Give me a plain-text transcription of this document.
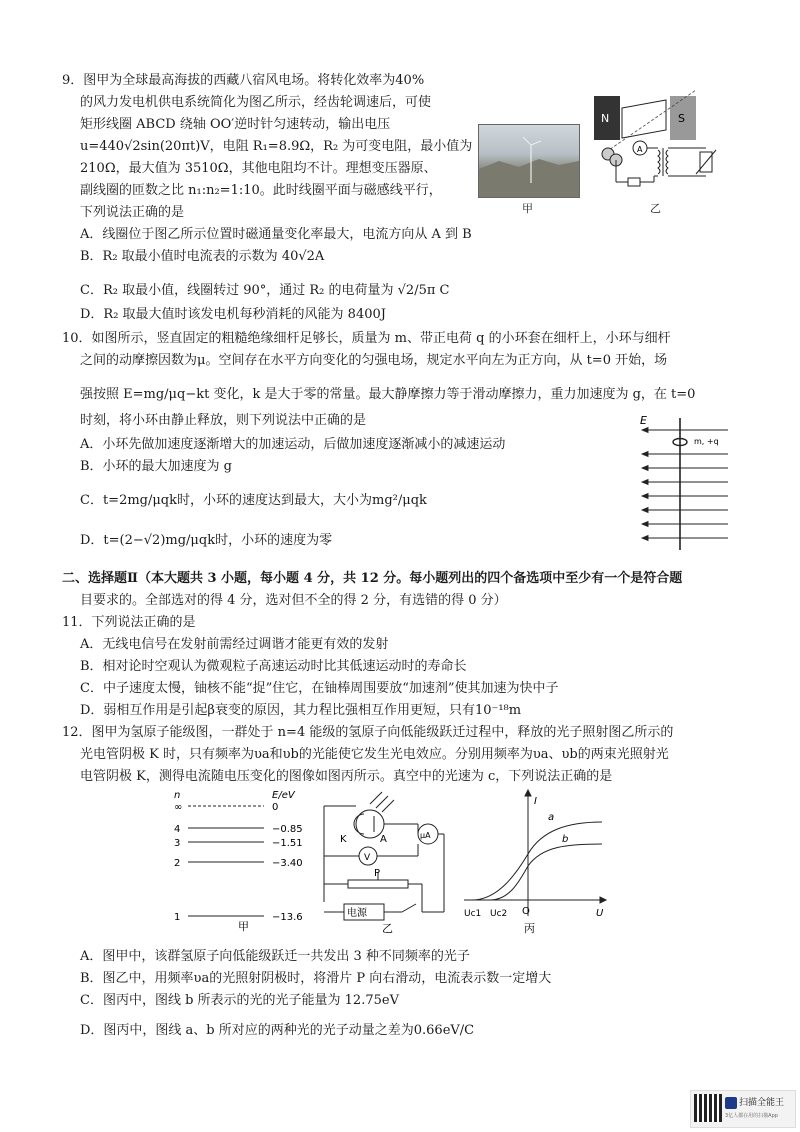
9．图甲为全球最高海拔的西藏八宿风电场。将转化效率为40%
的风力发电机供电系统简化为图乙所示，经齿轮调速后，可使
矩形线圈 ABCD 绕轴 OO′逆时针匀速转动，输出电压
u=440√2sin(20πt)V，电阻 R₁=8.9Ω，R₂ 为可变电阻，最小值为
210Ω，最大值为 3510Ω，其他电阻均不计。理想变压器原、
副线圈的匝数之比 n₁:n₂=1:10。此时线圈平面与磁感线平行，
下列说法正确的是
A．线圈位于图乙所示位置时磁通量变化率最大，电流方向从 A 到 B
B．R₂ 取最小值时电流表的示数为 40√2A
C．R₂ 取最小值，线圈转过 90°，通过 R₂ 的电荷量为 √2/5π C
D．R₂ 取最大值时该发电机每秒消耗的风能为 8400J
甲
N	S
A
乙
10．如图所示，竖直固定的粗糙绝缘细杆足够长，质量为 m、带正电荷 q 的小环套在细杆上，小环与细杆
之间的动摩擦因数为μ。空间存在水平方向变化的匀强电场，规定水平向左为正方向，从 t=0 开始，场
强按照 E=mg/μq−kt 变化，k 是大于零的常量。最大静摩擦力等于滑动摩擦力，重力加速度为 g，在 t=0
时刻，将小环由静止释放，则下列说法中正确的是
A．小环先做加速度逐渐增大的加速运动，后做加速度逐渐减小的减速运动
B．小环的最大加速度为 g
C．t=2mg/μqk时，小环的速度达到最大，大小为mg²/μqk
D．t=(2−√2)mg/μqk时，小环的速度为零
E
m, +q
二、选择题Ⅱ（本大题共 3 小题，每小题 4 分，共 12 分。每小题列出的四个备选项中至少有一个是符合题
目要求的。全部选对的得 4 分，选对但不全的得 2 分，有选错的得 0 分）
11．下列说法正确的是
A．无线电信号在发射前需经过调谐才能更有效的发射
B．相对论时空观认为微观粒子高速运动时比其低速运动时的寿命长
C．中子速度太慢，铀核不能“捉”住它，在铀棒周围要放“加速剂”使其加速为快中子
D．弱相互作用是引起β衰变的原因，其力程比强相互作用更短，只有10⁻¹⁸m
12．图甲为氢原子能级图，一群处于 n=4 能级的氢原子向低能级跃迁过程中，释放的光子照射图乙所示的
光电管阴极 K 时，只有频率为υa和υb的光能使它发生光电效应。分别用频率为υa、υb的两束光照射光
电管阴极 K，测得电流随电压变化的图像如图丙所示。真空中的光速为 c，下列说法正确的是
n	E/eV
∞	0
4	−0.85
3	−1.51
2	−3.40
1	−13.6
甲
K	A	μA
V
P
电源
乙
I
U
O
Uc1 Uc2
a
b
丙
A．图甲中，该群氢原子向低能级跃迁一共发出 3 种不同频率的光子
B．图乙中，用频率υa的光照射阴极时，将滑片 P 向右滑动，电流表示数一定增大
C．图丙中，图线 b 所表示的光的光子能量为 12.75eV
D．图丙中，图线 a、b 所对应的两种光的光子动量之差为0.66eV/C
扫描全能王
3亿人都在用的扫描App
